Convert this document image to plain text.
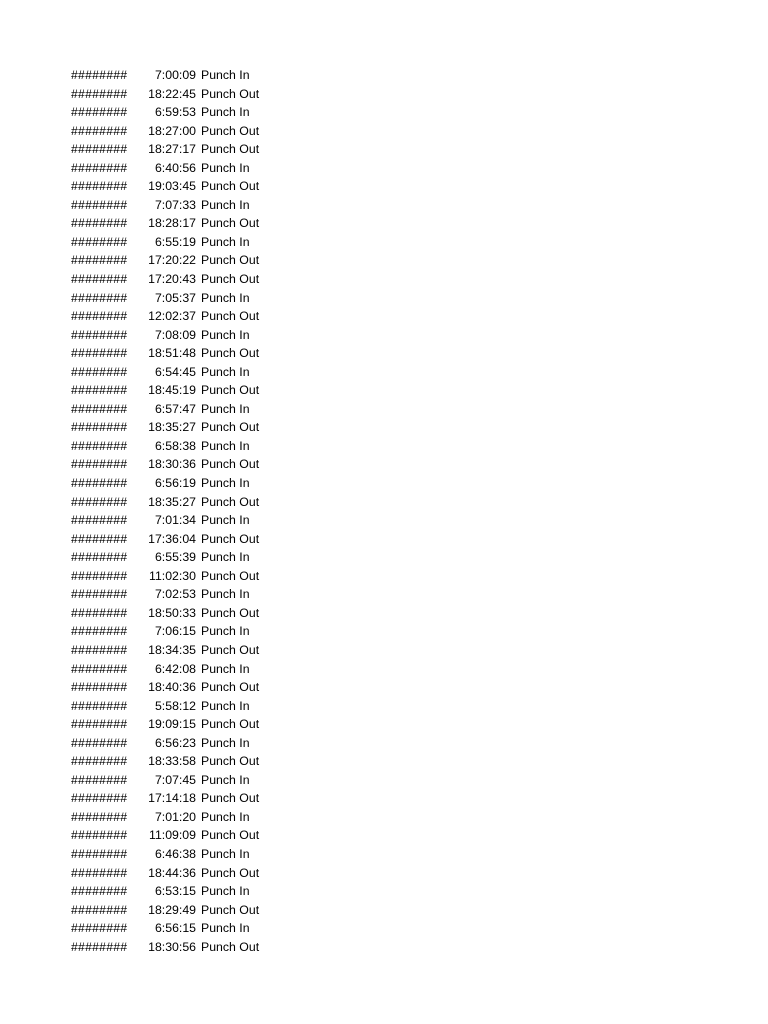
########	7:00:09 Punch In
########	18:22:45 Punch Out
########	6:59:53 Punch In
########	18:27:00 Punch Out
########	18:27:17 Punch Out
########	6:40:56 Punch In
########	19:03:45 Punch Out
########	7:07:33 Punch In
########	18:28:17 Punch Out
########	6:55:19 Punch In
########	17:20:22 Punch Out
########	17:20:43 Punch Out
########	7:05:37 Punch In
########	12:02:37 Punch Out
########	7:08:09 Punch In
########	18:51:48 Punch Out
########	6:54:45 Punch In
########	18:45:19 Punch Out
########	6:57:47 Punch In
########	18:35:27 Punch Out
########	6:58:38 Punch In
########	18:30:36 Punch Out
########	6:56:19 Punch In
########	18:35:27 Punch Out
########	7:01:34 Punch In
########	17:36:04 Punch Out
########	6:55:39 Punch In
########	11:02:30 Punch Out
########	7:02:53 Punch In
########	18:50:33 Punch Out
########	7:06:15 Punch In
########	18:34:35 Punch Out
########	6:42:08 Punch In
########	18:40:36 Punch Out
########	5:58:12 Punch In
########	19:09:15 Punch Out
########	6:56:23 Punch In
########	18:33:58 Punch Out
########	7:07:45 Punch In
########	17:14:18 Punch Out
########	7:01:20 Punch In
########	11:09:09 Punch Out
########	6:46:38 Punch In
########	18:44:36 Punch Out
########	6:53:15 Punch In
########	18:29:49 Punch Out
########	6:56:15 Punch In
########	18:30:56 Punch Out
